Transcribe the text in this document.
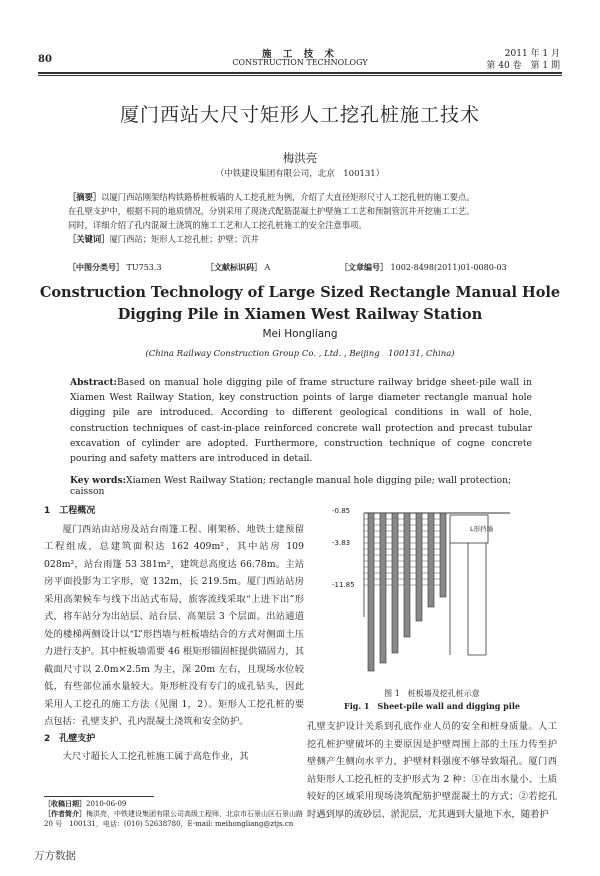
80	施 工 技 术
CONSTRUCTION TECHNOLOGY
2011 年 1 月
第 40 卷　第 1 期
厦门西站大尺寸矩形人工挖孔桩施工技术
梅洪亮
（中铁建设集团有限公司，北京　100131）
［摘要］以厦门西站刚架结构铁路桥桩板墙的人工挖孔桩为例，介绍了大直径矩形尺寸人工挖孔桩的施工要点。
在孔壁支护中，根据不同的地质情况，分别采用了现浇式配筋混凝土护壁施工工艺和预制管沉井开挖施工工艺。
同时，详细介绍了孔内混凝土浇筑的施工工艺和人工挖孔桩施工的安全注意事项。
［关键词］厦门西站；矩形人工挖孔桩；护壁；沉井
［中图分类号］ TU753.3	［文献标识码］ A	［文章编号］ 1002-8498(2011)01-0080-03
Construction Technology of Large Sized Rectangle Manual Hole
Digging Pile in Xiamen West Railway Station
Mei Hongliang
(China Railway Construction Group Co. , Ltd. , Beijing　100131, China)
Abstract:Based on manual hole digging pile of frame structure railway bridge sheet-pile wall in Xiamen West Railway Station, key construction points of large diameter rectangle manual hole digging pile are introduced. According to different geological conditions in wall of hole, construction techniques of cast-in-place reinforced concrete wall protection and precast tubular excavation of cylinder are adopted. Furthermore, construction technique of cogne concrete pouring and safety matters are introduced in detail.
Key words:Xiamen West Railway Station; rectangle manual hole digging pile; wall protection; caisson
1　工程概况
厦门西站由站房及站台雨篷工程、刚架桥、地铁土建预留工程组成，总建筑面积达 162 409m²，其中站房 109 028m²，站台雨篷 53 381m²，建筑总高度达 66.78m。主站房平面投影为工字形，宽 132m，长 219.5m。厦门西站站房采用高架候车与线下出站式布局，旅客流线采取“上进下出”形式，将车站分为出站层、站台层、高架层 3 个层面。出站通道处的楼梯两侧设计以“L”形挡墙与桩板墙结合的方式对侧面土压力进行支护。其中桩板墙需要 46 根矩形锚固桩提供锚固力，其截面尺寸以 2.0m×2.5m 为主，深 20m 左右，且现场水位较低，有些部位涌水量较大。矩形桩没有专门的成孔钻头，因此采用人工挖孔的施工方法（见图 1，2）。矩形人工挖孔桩的要点包括：孔壁支护、孔内混凝土浇筑和安全防护。
2　孔壁支护
大尺寸超长人工挖孔桩施工属于高危作业，其
-0.85
L形挡墙
-3.83
-11.85
图 1　桩板墙及挖孔桩示意
Fig. 1　Sheet-pile wall and digging pile
孔壁支护设计关系到孔底作业人员的安全和桩身质量。人工挖孔桩护壁破坏的主要原因是护壁周围上部的土压力传至护壁侧产生侧向水平力，护壁材料强度不够导致塌孔。厦门西站矩形人工挖孔桩的支护形式为 2 种：①在出水量小、土质较好的区域采用现场浇筑配筋护壁混凝土的方式；②若挖孔时遇到厚的流砂层、淤泥层，尤其遇到大量地下水，随着护
［收稿日期］2010-06-09
［作者简介］梅洪亮，中铁建设集团有限公司高级工程师，北京市石景山区石景山路 20 号　100131，电话：(010) 52638780，E-mail: meihongliang@ztjs.cn
万方数据
